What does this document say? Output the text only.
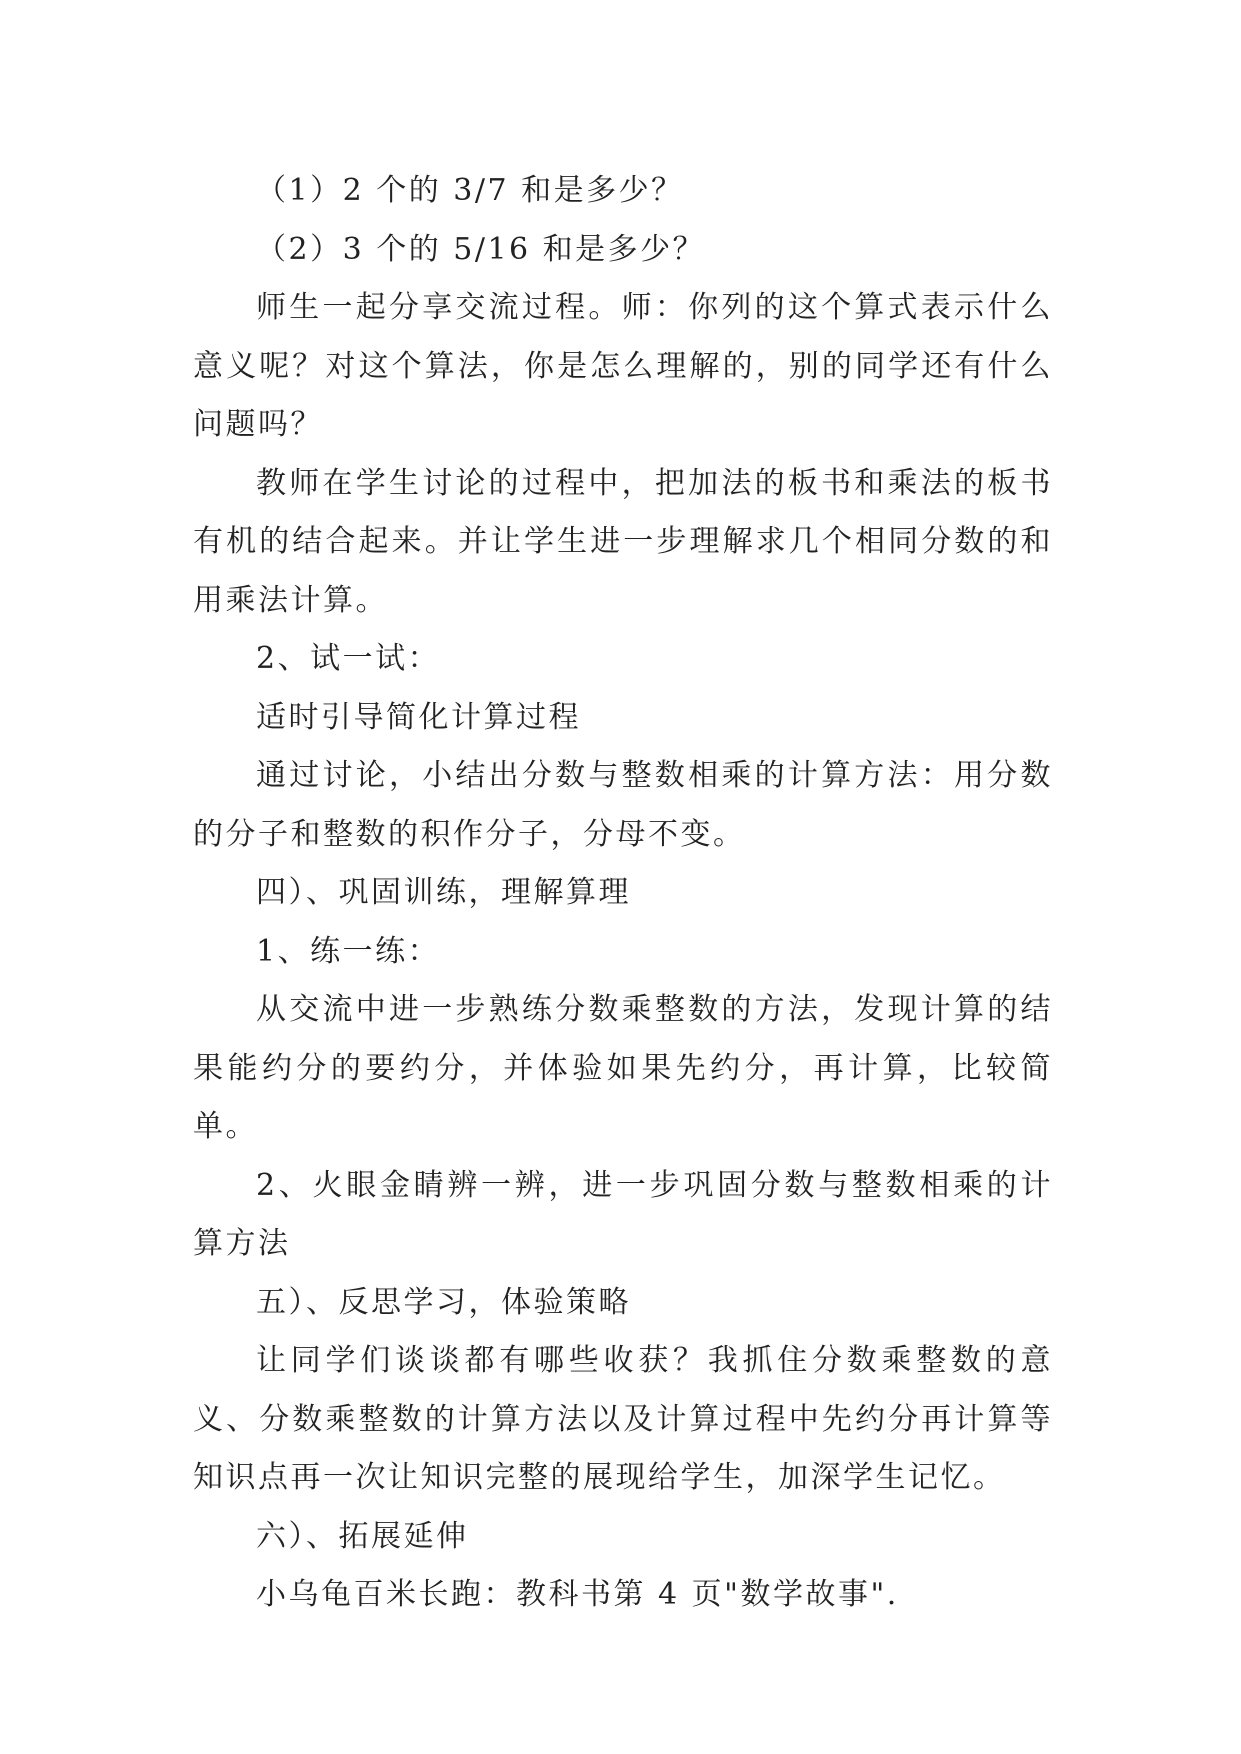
（1）2 个的 3/7 和是多少？

（2）3 个的 5/16 和是多少？

师生一起分享交流过程。师：你列的这个算式表示什么意义呢？对这个算法，你是怎么理解的，别的同学还有什么问题吗？

教师在学生讨论的过程中，把加法的板书和乘法的板书有机的结合起来。并让学生进一步理解求几个相同分数的和用乘法计算。

2、试一试：

适时引导简化计算过程

通过讨论，小结出分数与整数相乘的计算方法：用分数的分子和整数的积作分子，分母不变。

四）、巩固训练，理解算理

1、练一练：

从交流中进一步熟练分数乘整数的方法，发现计算的结果能约分的要约分，并体验如果先约分，再计算，比较简单。

2、火眼金睛辨一辨，进一步巩固分数与整数相乘的计算方法

五）、反思学习，体验策略

让同学们谈谈都有哪些收获？我抓住分数乘整数的意义、分数乘整数的计算方法以及计算过程中先约分再计算等知识点再一次让知识完整的展现给学生，加深学生记忆。

六）、拓展延伸

小乌龟百米长跑：教科书第 4 页"数学故事".
